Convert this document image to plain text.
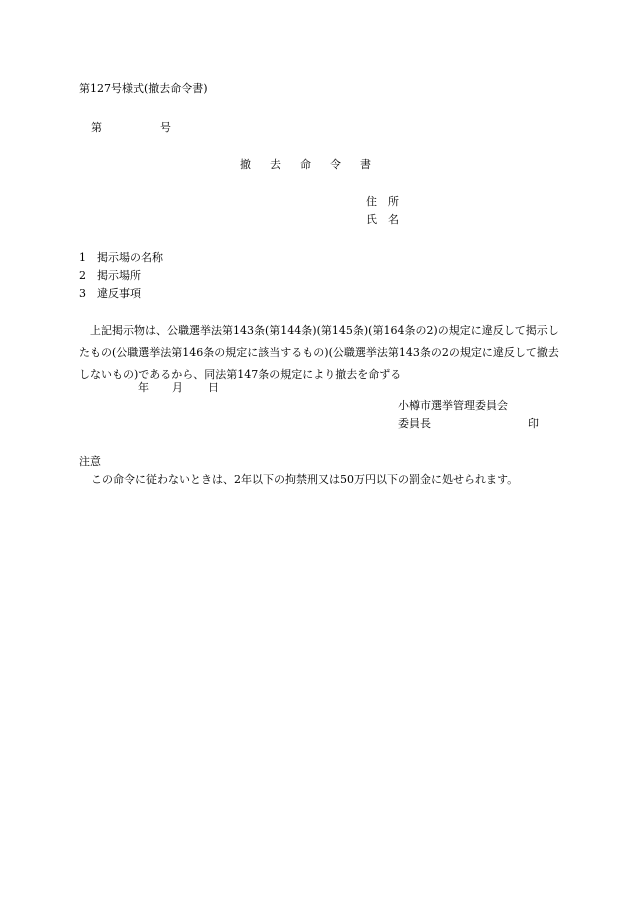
第127号様式(撤去命令書)
第	号
撤去命令書
住　所
氏　名
1　掲示場の名称
2　掲示場所
3　違反事項
上記掲示物は、公職選挙法第143条(第144条)(第145条)(第164条の2)の規定に違反して掲示したもの(公職選挙法第146条の規定に該当するもの)(公職選挙法第143条の2の規定に違反して撤去しないもの)であるから、同法第147条の規定により撤去を命ずる
年 月 日
小樽市選挙管理委員会
委員長	印
注意
この命令に従わないときは、2年以下の拘禁刑又は50万円以下の罰金に処せられます。
